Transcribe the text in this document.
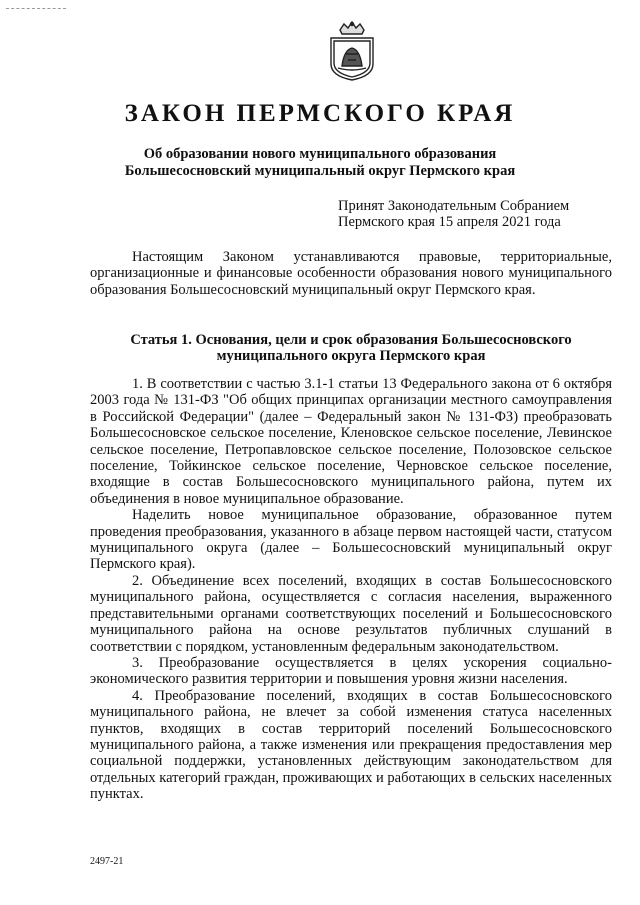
ЗАКОН ПЕРМСКОГО КРАЯ
Об образовании нового муниципального образования
Большесосновский муниципальный округ Пермского края
Принят Законодательным Собранием
Пермского края 15 апреля 2021 года

Настоящим Законом устанавливаются правовые, территориальные, организационные и финансовые особенности образования нового муниципального образования Большесосновский муниципальный округ Пермского края.

Статья 1. Основания, цели и срок образования Большесосновского
муниципального округа Пермского края

1. В соответствии с частью 3.1-1 статьи 13 Федерального закона от 6 октября 2003 года № 131-ФЗ "Об общих принципах организации местного самоуправления в Российской Федерации" (далее – Федеральный закон № 131-ФЗ) преобразовать Большесосновское сельское поселение, Кленовское сельское поселение, Левинское сельское поселение, Петропавловское сельское поселение, Полозовское сельское поселение, Тойкинское сельское поселение, Черновское сельское поселение, входящие в состав Большесосновского муниципального района, путем их объединения в новое муниципальное образование.

Наделить новое муниципальное образование, образованное путем проведения преобразования, указанного в абзаце первом настоящей части, статусом муниципального округа (далее – Большесосновский муниципальный округ Пермского края).

2. Объединение всех поселений, входящих в состав Большесосновского муниципального района, осуществляется с согласия населения, выраженного представительными органами соответствующих поселений и Большесосновского муниципального района на основе результатов публичных слушаний в соответствии с порядком, установленным федеральным законодательством.

3. Преобразование осуществляется в целях ускорения социально-экономического развития территории и повышения уровня жизни населения.

4. Преобразование поселений, входящих в состав Большесосновского муниципального района, не влечет за собой изменения статуса населенных пунктов, входящих в состав территорий поселений Большесосновского муниципального района, а также изменения или прекращения предоставления мер социальной поддержки, установленных действующим законодательством для отдельных категорий граждан, проживающих и работающих в сельских населенных пунктах.

2497-21
